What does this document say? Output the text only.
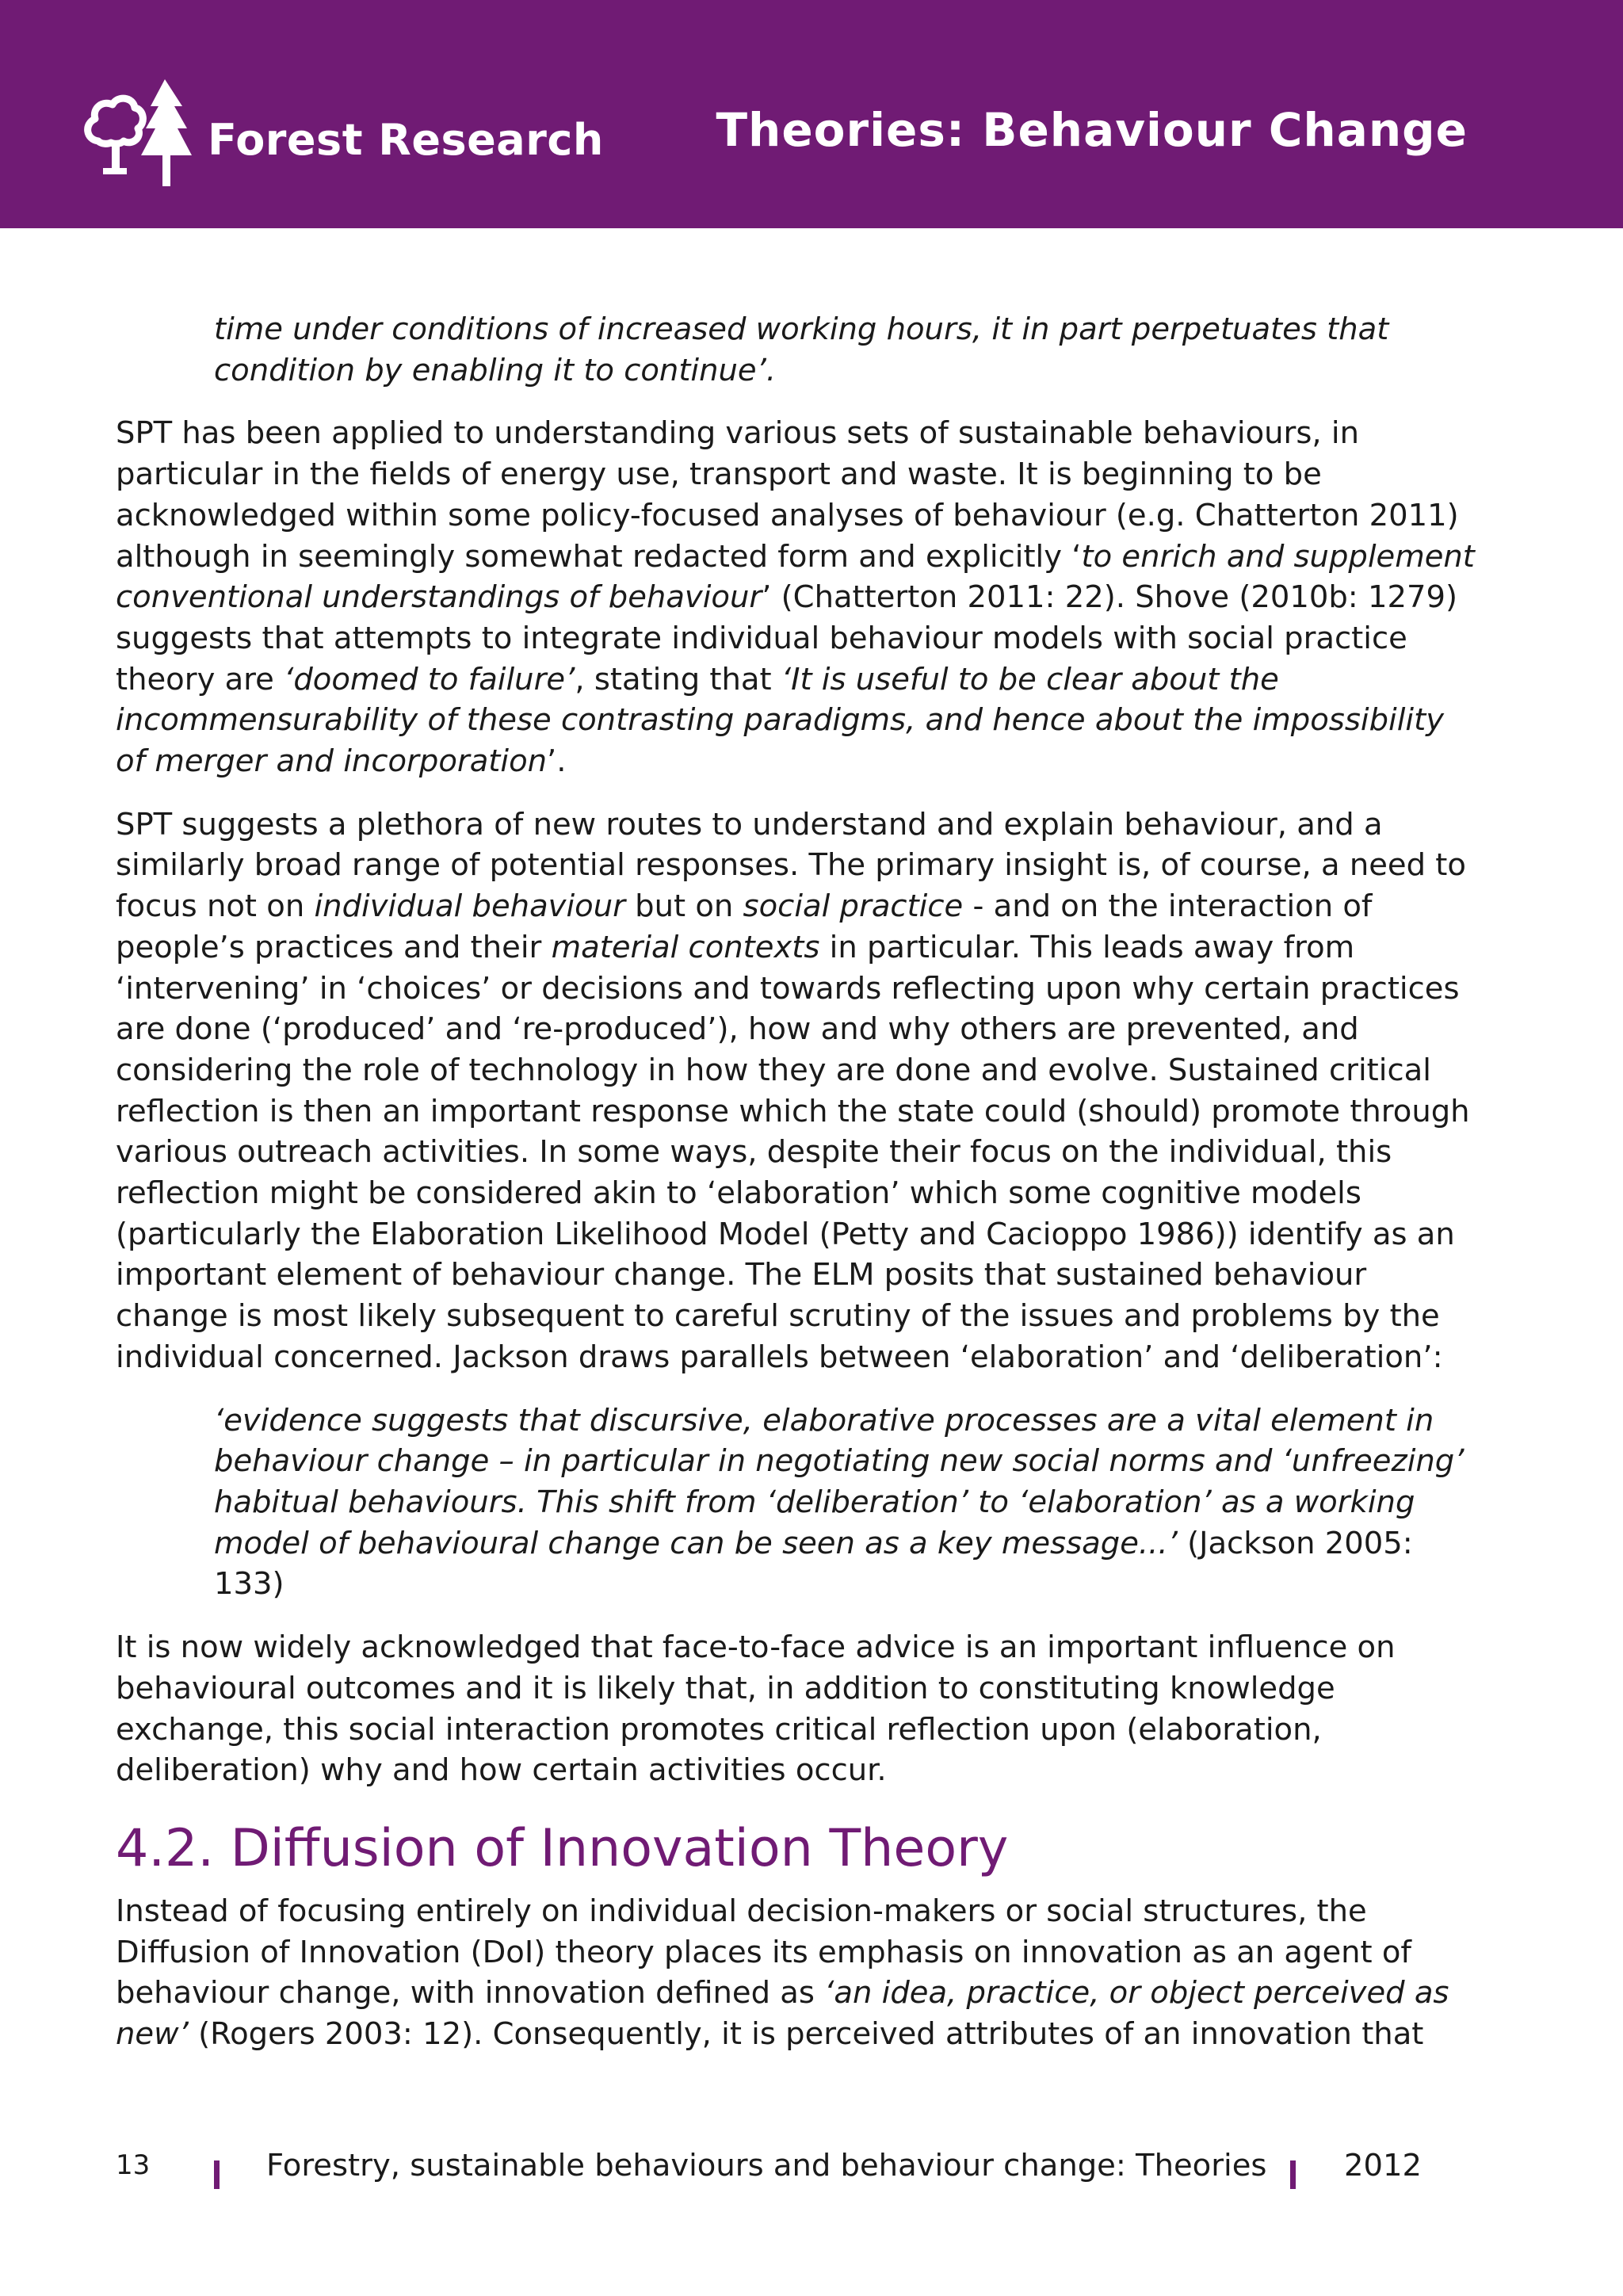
Forest Research Theories: Behaviour Change

time under conditions of increased working hours, it in part perpetuates that condition by enabling it to continue’.

SPT has been applied to understanding various sets of sustainable behaviours, in particular in the fields of energy use, transport and waste. It is beginning to be acknowledged within some policy-focused analyses of behaviour (e.g. Chatterton 2011) although in seemingly somewhat redacted form and explicitly ‘to enrich and supplement conventional understandings of behaviour’ (Chatterton 2011: 22). Shove (2010b: 1279) suggests that attempts to integrate individual behaviour models with social practice theory are ‘doomed to failure’, stating that ‘It is useful to be clear about the incommensurability of these contrasting paradigms, and hence about the impossibility of merger and incorporation’.

SPT suggests a plethora of new routes to understand and explain behaviour, and a similarly broad range of potential responses. The primary insight is, of course, a need to focus not on individual behaviour but on social practice - and on the interaction of people’s practices and their material contexts in particular. This leads away from ‘intervening’ in ‘choices’ or decisions and towards reflecting upon why certain practices are done (‘produced’ and ‘re-produced’), how and why others are prevented, and considering the role of technology in how they are done and evolve. Sustained critical reflection is then an important response which the state could (should) promote through various outreach activities. In some ways, despite their focus on the individual, this reflection might be considered akin to ‘elaboration’ which some cognitive models (particularly the Elaboration Likelihood Model (Petty and Cacioppo 1986)) identify as an important element of behaviour change. The ELM posits that sustained behaviour change is most likely subsequent to careful scrutiny of the issues and problems by the individual concerned. Jackson draws parallels between ‘elaboration’ and ‘deliberation’:

‘evidence suggests that discursive, elaborative processes are a vital element in behaviour change – in particular in negotiating new social norms and ‘unfreezing’ habitual behaviours. This shift from ‘deliberation’ to ‘elaboration’ as a working model of behavioural change can be seen as a key message...’ (Jackson 2005: 133)

It is now widely acknowledged that face-to-face advice is an important influence on behavioural outcomes and it is likely that, in addition to constituting knowledge exchange, this social interaction promotes critical reflection upon (elaboration, deliberation) why and how certain activities occur.

4.2. Diffusion of Innovation Theory

Instead of focusing entirely on individual decision-makers or social structures, the Diffusion of Innovation (DoI) theory places its emphasis on innovation as an agent of behaviour change, with innovation defined as ‘an idea, practice, or object perceived as new’ (Rogers 2003: 12). Consequently, it is perceived attributes of an innovation that

13	Forestry, sustainable behaviours and behaviour change: Theories	2012
